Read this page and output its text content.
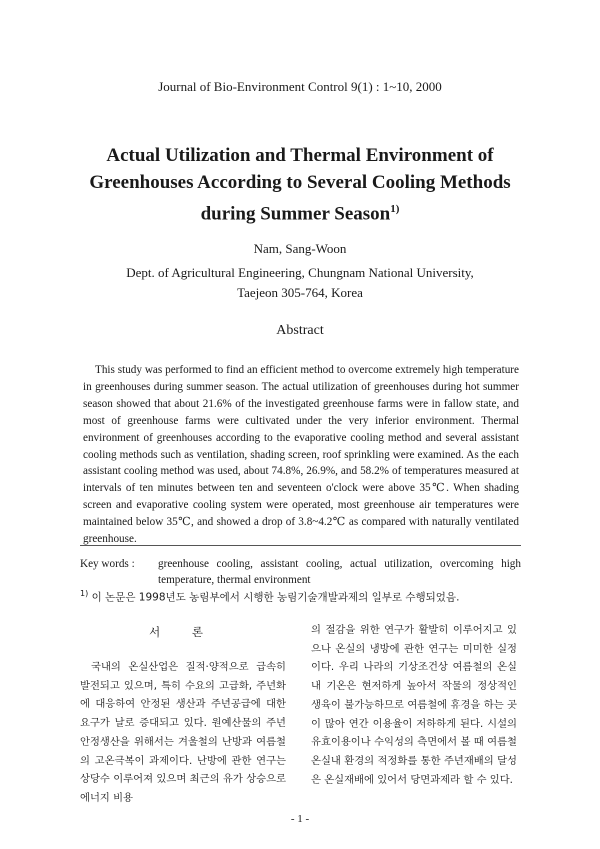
Journal of Bio-Environment Control 9(1) : 1~10, 2000
Actual Utilization and Thermal Environment of Greenhouses According to Several Cooling Methods during Summer Season$^{1)}$
Nam, Sang-Woon
Dept. of Agricultural Engineering, Chungnam National University,
Taejeon 305-764, Korea
Abstract
This study was performed to find an efficient method to overcome extremely high temperature in greenhouses during summer season. The actual utilization of greenhouses during hot summer season showed that about 21.6% of the investigated greenhouse farms were in fallow state, and most of greenhouse farms were cultivated under the very inferior environment. Thermal environment of greenhouses according to the evaporative cooling method and several assistant cooling methods such as ventilation, shading screen, roof sprinkling were examined. As the each assistant cooling method was used, about 74.8%, 26.9%, and 58.2% of temperatures measured at intervals of ten minutes between ten and seventeen o'clock were above 35℃. When shading screen and evaporative cooling system were operated, most greenhouse air temperatures were maintained below 35℃, and showed a drop of 3.8~4.2℃ as compared with naturally ventilated greenhouse.
Key words : greenhouse cooling, assistant cooling, actual utilization, overcoming high temperature, thermal environment
$^{1)}$ 이 논문은 1998년도 농림부에서 시행한 농림기술개발과제의 일부로 수행되었음.
서 론
국내의 온실산업은 질적·양적으로 급속히 발전되고 있으며, 특히 수요의 고급화, 주년화에 대응하여 안정된 생산과 주년공급에 대한 요구가 날로 증대되고 있다. 원예산물의 주년안정생산을 위해서는 겨울철의 난방과 여름철의 고온극복이 과제이다. 난방에 관한 연구는 상당수 이루어져 있으며 최근의 유가 상승으로 에너지 비용
의 절감을 위한 연구가 활발히 이루어지고 있으나 온실의 냉방에 관한 연구는 미미한 실정이다. 우리 나라의 기상조건상 여름철의 온실내 기온은 현저하게 높아서 작물의 정상적인 생육이 불가능하므로 여름철에 휴경을 하는 곳이 많아 연간 이용율이 저하하게 된다. 시설의 유효이용이나 수익성의 측면에서 볼 때 여름철 온실내 환경의 적정화를 통한 주년재배의 달성은 온실재배에 있어서 당면과제라 할 수 있다.
- 1 -
